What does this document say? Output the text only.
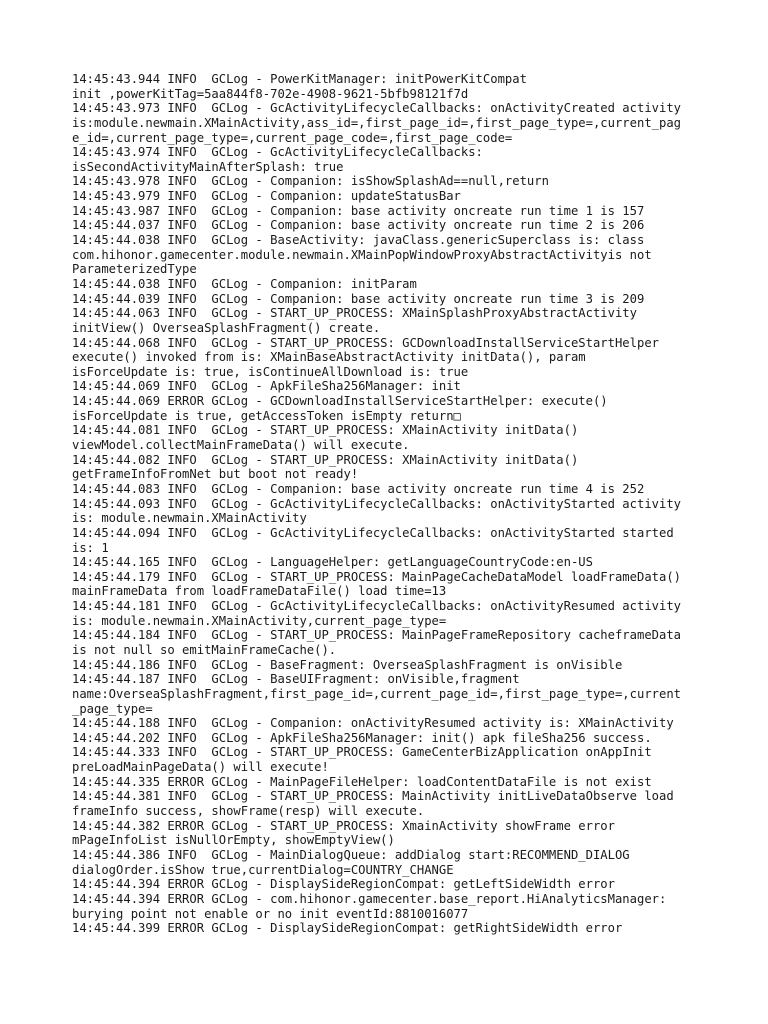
14:45:43.944 INFO  GCLog - PowerKitManager: initPowerKitCompat
init ,powerKitTag=5aa844f8-702e-4908-9621-5bfb98121f7d
14:45:43.973 INFO  GCLog - GcActivityLifecycleCallbacks: onActivityCreated activity
is:module.newmain.XMainActivity,ass_id=,first_page_id=,first_page_type=,current_pag
e_id=,current_page_type=,current_page_code=,first_page_code=
14:45:43.974 INFO  GCLog - GcActivityLifecycleCallbacks:
isSecondActivityMainAfterSplash: true
14:45:43.978 INFO  GCLog - Companion: isShowSplashAd==null,return
14:45:43.979 INFO  GCLog - Companion: updateStatusBar
14:45:43.987 INFO  GCLog - Companion: base activity oncreate run time 1 is 157
14:45:44.037 INFO  GCLog - Companion: base activity oncreate run time 2 is 206
14:45:44.038 INFO  GCLog - BaseActivity: javaClass.genericSuperclass is: class
com.hihonor.gamecenter.module.newmain.XMainPopWindowProxyAbstractActivityis not
ParameterizedType
14:45:44.038 INFO  GCLog - Companion: initParam
14:45:44.039 INFO  GCLog - Companion: base activity oncreate run time 3 is 209
14:45:44.063 INFO  GCLog - START_UP_PROCESS: XMainSplashProxyAbstractActivity
initView() OverseaSplashFragment() create.
14:45:44.068 INFO  GCLog - START_UP_PROCESS: GCDownloadInstallServiceStartHelper
execute() invoked from is: XMainBaseAbstractActivity initData(), param
isForceUpdate is: true, isContinueAllDownload is: true
14:45:44.069 INFO  GCLog - ApkFileSha256Manager: init
14:45:44.069 ERROR GCLog - GCDownloadInstallServiceStartHelper: execute()
isForceUpdate is true, getAccessToken isEmpty return□
14:45:44.081 INFO  GCLog - START_UP_PROCESS: XMainActivity initData()
viewModel.collectMainFrameData() will execute.
14:45:44.082 INFO  GCLog - START_UP_PROCESS: XMainActivity initData()
getFrameInfoFromNet but boot not ready!
14:45:44.083 INFO  GCLog - Companion: base activity oncreate run time 4 is 252
14:45:44.093 INFO  GCLog - GcActivityLifecycleCallbacks: onActivityStarted activity
is: module.newmain.XMainActivity
14:45:44.094 INFO  GCLog - GcActivityLifecycleCallbacks: onActivityStarted started
is: 1
14:45:44.165 INFO  GCLog - LanguageHelper: getLanguageCountryCode:en-US
14:45:44.179 INFO  GCLog - START_UP_PROCESS: MainPageCacheDataModel loadFrameData()
mainFrameData from loadFrameDataFile() load time=13
14:45:44.181 INFO  GCLog - GcActivityLifecycleCallbacks: onActivityResumed activity
is: module.newmain.XMainActivity,current_page_type=
14:45:44.184 INFO  GCLog - START_UP_PROCESS: MainPageFrameRepository cacheframeData
is not null so emitMainFrameCache().
14:45:44.186 INFO  GCLog - BaseFragment: OverseaSplashFragment is onVisible
14:45:44.187 INFO  GCLog - BaseUIFragment: onVisible,fragment
name:OverseaSplashFragment,first_page_id=,current_page_id=,first_page_type=,current
_page_type=
14:45:44.188 INFO  GCLog - Companion: onActivityResumed activity is: XMainActivity
14:45:44.202 INFO  GCLog - ApkFileSha256Manager: init() apk fileSha256 success.
14:45:44.333 INFO  GCLog - START_UP_PROCESS: GameCenterBizApplication onAppInit
preLoadMainPageData() will execute!
14:45:44.335 ERROR GCLog - MainPageFileHelper: loadContentDataFile is not exist
14:45:44.381 INFO  GCLog - START_UP_PROCESS: MainActivity initLiveDataObserve load
frameInfo success, showFrame(resp) will execute.
14:45:44.382 ERROR GCLog - START_UP_PROCESS: XmainActivity showFrame error
mPageInfoList isNullOrEmpty, showEmptyView()
14:45:44.386 INFO  GCLog - MainDialogQueue: addDialog start:RECOMMEND_DIALOG
dialogOrder.isShow true,currentDialog=COUNTRY_CHANGE
14:45:44.394 ERROR GCLog - DisplaySideRegionCompat: getLeftSideWidth error
14:45:44.394 ERROR GCLog - com.hihonor.gamecenter.base_report.HiAnalyticsManager:
burying point not enable or no init eventId:8810016077
14:45:44.399 ERROR GCLog - DisplaySideRegionCompat: getRightSideWidth error
